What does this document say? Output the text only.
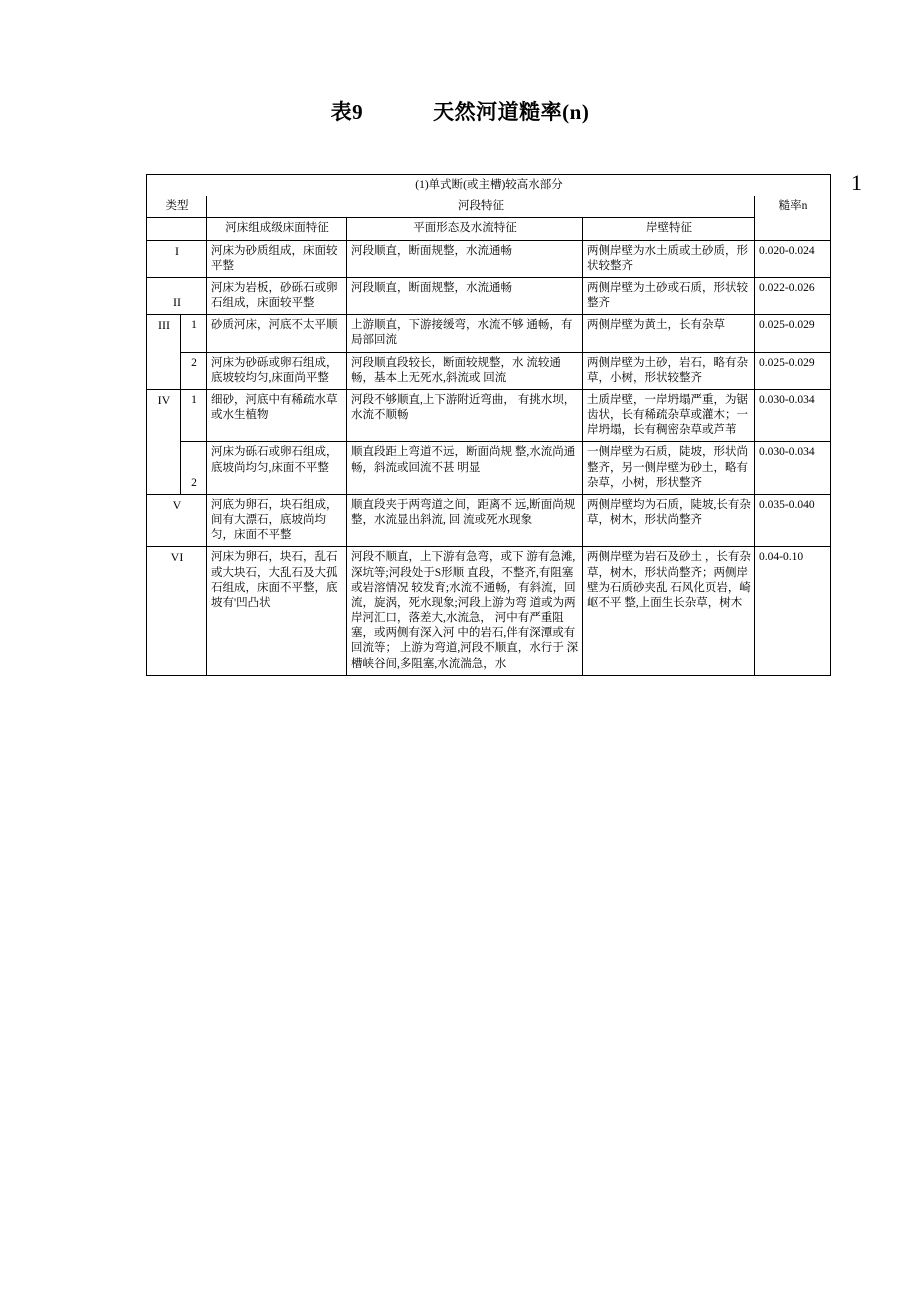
表9	天然河道糙率(n)
1
(1)单式断(或主槽)较高水部分					
类型		河段特征			糙率n
		河床组成级床面特征	平面形态及水流特征	岸壁特征	
I		河床为砂质组成，床面较平整	河段顺直，断面规整，水流通畅	两侧岸壁为水土质或土砂质，形状较整齐	0.020-0.024
II		河床为岩板，砂砾石或卵石组成，床面较平整	河段顺直，断面规整，水流通畅	两侧岸壁为土砂或石质，形状较整齐	0.022-0.026
III	1	砂质河床，河底不太平顺	上游顺直，下游接缓弯，水流不够 通畅，有局部回流	两侧岸壁为黄土，长有杂草	0.025-0.029
	2	河床为砂砾或卵石组成，底坡较均匀,床面尚平整	河段顺直段较长，断面较规整，水 流较通畅，基本上无死水,斜流或 回流	两侧岸壁为土砂，岩石，略有杂草，小树，形状较整齐	0.025-0.029
IV	1	细砂，河底中有稀疏水草或水生植物	河段不够顺直,上下游附近弯曲， 有挑水坝，水流不顺畅	土质岸壁，一岸坍塌严重，为锯齿状，长有稀疏杂草或灌木；一岸坍塌，长有稠密杂草或芦苇	0.030-0.034
	2	河床为砾石或卵石组成，底坡尚均匀,床面不平整	顺直段距上弯道不远，断面尚规 整,水流尚通畅，斜流或回流不甚 明显	一侧岸壁为石质，陡坡，形状尚整齐，另一侧岸壁为砂土，略有杂草，小树，形状整齐	0.030-0.034
V		河底为卵石，块石组成，间有大漂石，底坡尚均匀，床面不平整	顺直段夹于两弯道之间，距离不 远,断面尚规整，水流显出斜流, 回 流或死水现象	两侧岸壁均为石质，陡坡,长有杂草，树木，形状尚整齐	0.035-0.040
VI		河床为卵石，块石，乱石或大块石，大乱石及大孤石组成，床面不平整，底坡有'凹凸状	河段不顺直，上下游有急弯，或下 游有急滩,深坑等;河段处于S形顺 直段，不整齐,有阻塞或岩溶情况 较发育;水流不通畅，有斜流，回 流，旋涡，死水现象;河段上游为弯 道或为两岸河汇口，落差大,水流急， 河中有严重阻塞，或两侧有深入河 中的岩石,伴有深潭或有回流等； 上游为弯道,河段不顺直，水行于 深槽峡谷间,多阻塞,水流湍急，水	两侧岸壁为岩石及砂土 ，长有杂草，树木，形状尚整齐；两侧岸壁为石质砂夹乱 石风化页岩，崎岖不平 整,上面生长杂草，树木	0.04-0.10
